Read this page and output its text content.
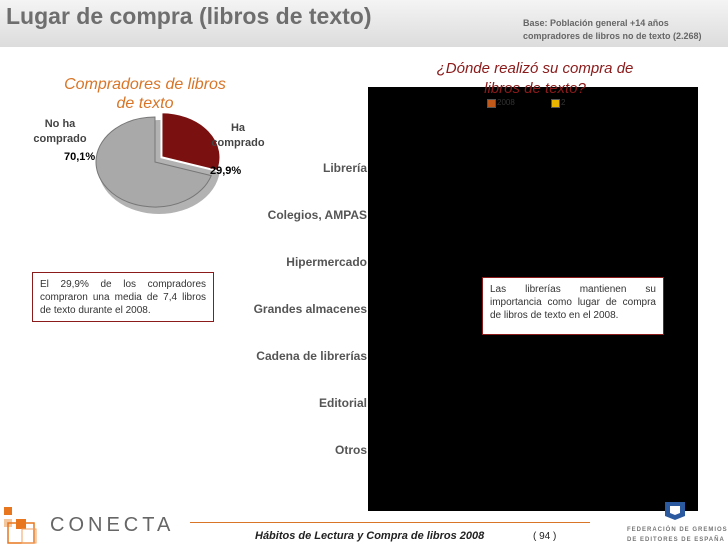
Lugar de compra (libros de texto)	Base: Población general +14 años
compradores de libros no de texto (2.268)
Compradores de libros
de texto
No ha
comprado
70,1%
Ha
comprado
29,9%
El 29,9% de los compradores compraron una media de 7,4 libros de texto durante el 2008.
¿Dónde realizó su compra de
libros de texto?
2008	2
Librería
Colegios, AMPAS
Hipermercado
Grandes almacenes
Cadena de librerías
Editorial
Otros
Las librerías mantienen su importancia como lugar de compra de libros de texto en el 2008.
CONECTA	Hábitos de Lectura y Compra de libros 2008	( 94 )
FEDERACIÓN DE GREMIOS
DE EDITORES DE ESPAÑA
